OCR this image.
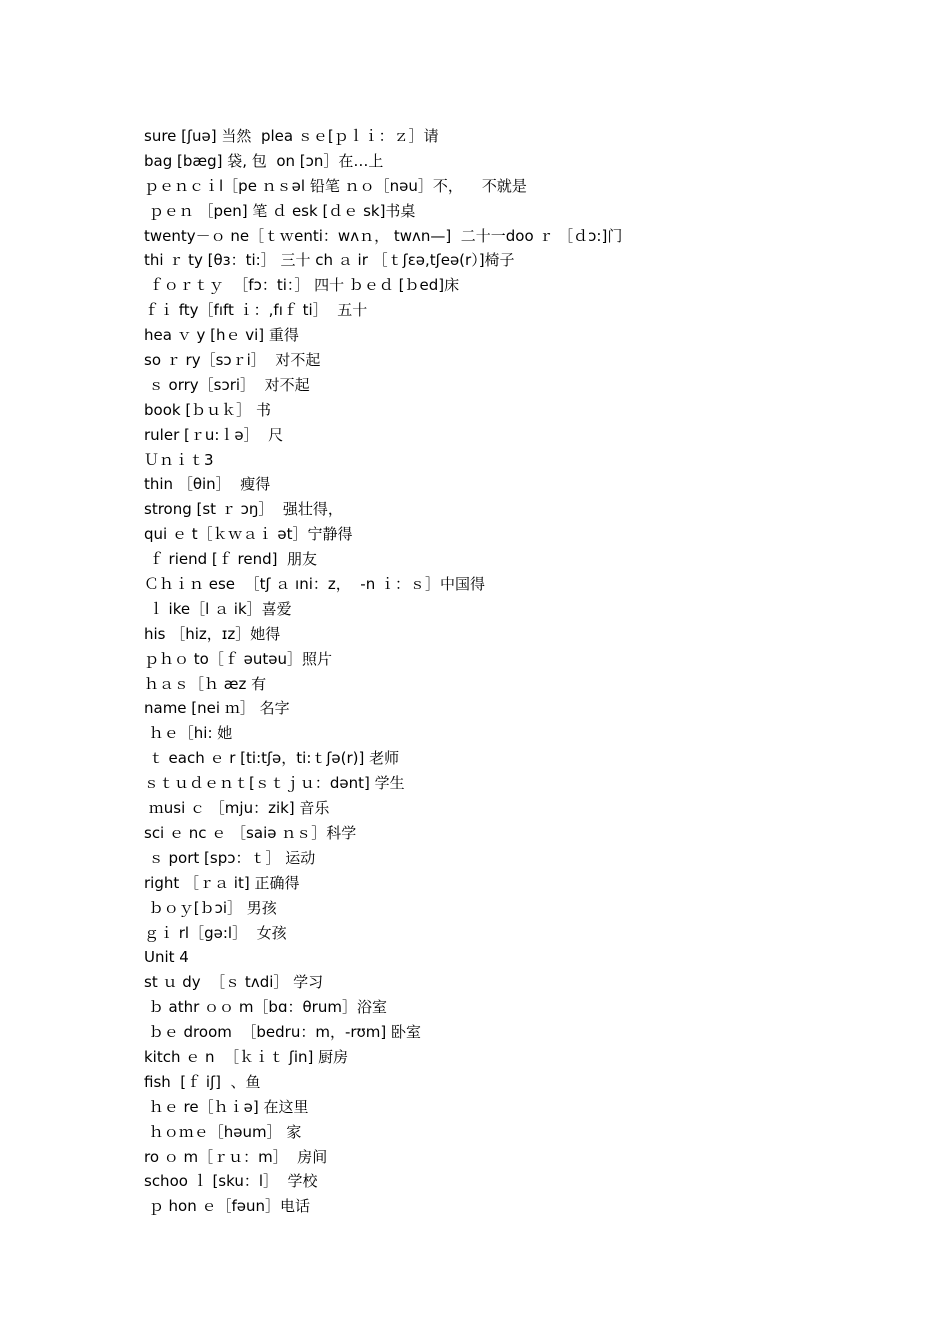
sure [ʃuə] 当然  plea ｓｅ[ｐｌｉ：ｚ］请
bag [bæg] 袋, 包  on [ɔn］在…上
ｐｅｎｃｉl［pe ｎｓəl 铅笔 ｎｏ［nəu］不，    不就是
ｐｅｎ ［pen] 笔 ｄ esk [ｄｅ sk]书桌
twenty－ｏ ne［ｔｗenti：wʌｎ， twʌn—]  二十一doo ｒ ［ｄɔ:]门
thi ｒ ty [θɜ：ti:］ 三十 ch ａ ir ［ｔʃεə,tʃeə(r）]椅子
ｆｏｒｔｙ  ［fɔ：ti：］ 四十 ｂｅｄ [ｂed]床
ｆｉ fty［fıft ｉ：,fıｆ ti］  五十
hea ｖ y [hｅ vi] 重得
so ｒ ry［sɔｒi］  对不起
ｓ orry［sɔri］  对不起
book [ｂｕｋ］ 书
ruler [ｒu:ｌə］  尺
Ｕｎｉｔ3
thin ［θin］  瘦得
strong [st ｒ ɔŋ］  强壮得，
qui ｅ t［ｋｗａｉ ət］宁静得
ｆ riend [ｆ rend]  朋友
Ｃｈｉｎ ese  ［tʃ ａ ıni：z，  -n ｉ：ｓ］中国得
ｌ ike［l ａ ik］喜爱
his ［hiz，ɪz］她得
ｐｈｏ to［ｆ əutəu］照片
ｈａｓ［ｈ æz 有
name [nei ｍ］ 名字
ｈｅ［hi: 她
ｔ each ｅ r [ti:tʃə，ti:ｔʃə(r)] 老师
ｓｔｕｄｅｎｔ[ｓｔｊｕ：dənt] 学生
ｍusi ｃ ［mju：zik] 音乐
sci ｅ nc ｅ ［saiə ｎｓ］科学
ｓ port [spɔ：ｔ］ 运动
right ［ｒａ it] 正确得
ｂｏｙ[ｂɔi］ 男孩
ｇｉ rl［gə:l］  女孩
Unit 4
st ｕ dy  ［ｓ tʌdi］ 学习
ｂ athr ｏｏ m［bɑ：θrum］浴室
ｂｅ droom  ［bedru：m，-rʊm] 卧室
kitch ｅ n  ［ｋｉｔ ʃin] 厨房
fish  [ｆ iʃ]  、鱼
ｈｅ re［ｈｉə] 在这里
ｈｏｍｅ［həum］ 家
ro ｏ m［ｒｕ：m］  房间
schoo ｌ [sku：l］  学校
ｐ hon ｅ［fəun］电话
